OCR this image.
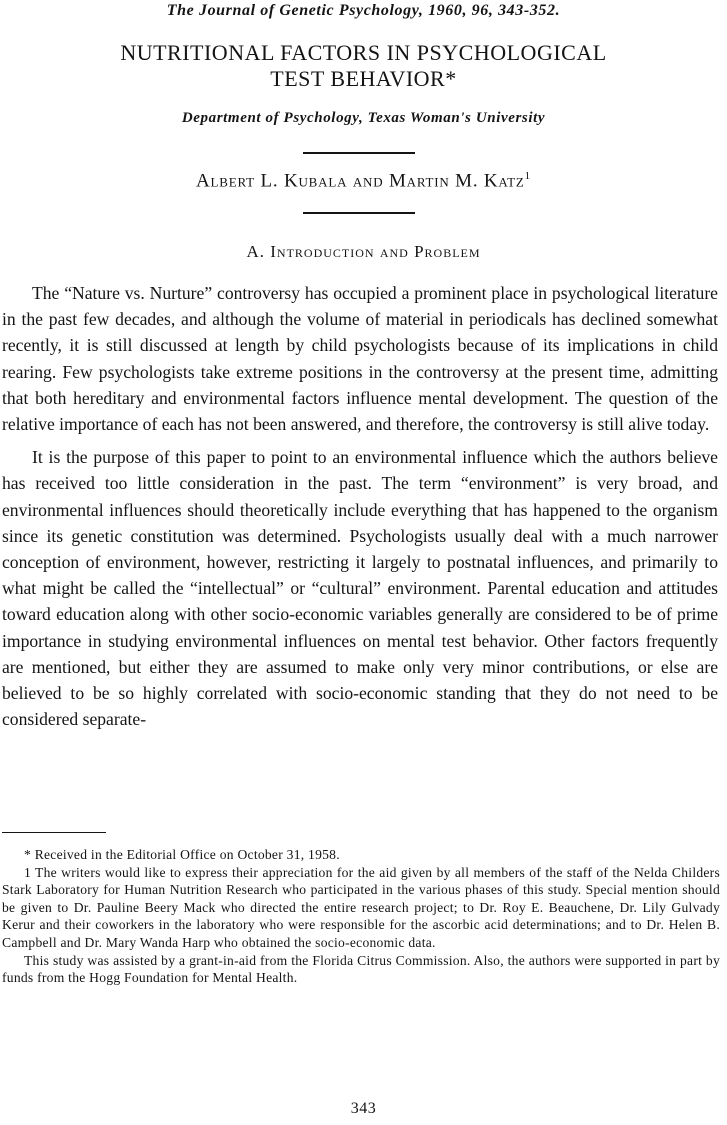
The Journal of Genetic Psychology, 1960, 96, 343-352.
NUTRITIONAL FACTORS IN PSYCHOLOGICAL
TEST BEHAVIOR*
Department of Psychology, Texas Woman's University
Albert L. Kubala and Martin M. Katz$^1$
A. Introduction and Problem

The “Nature vs. Nurture” controversy has occupied a prominent place in psychological literature in the past few decades, and although the volume of material in periodicals has declined somewhat recently, it is still discussed at length by child psychologists because of its implications in child rearing. Few psychologists take extreme positions in the controversy at the present time, admitting that both hereditary and environmental factors influence mental development. The question of the relative importance of each has not been answered, and therefore, the controversy is still alive today.

It is the purpose of this paper to point to an environmental influence which the authors believe has received too little consideration in the past. The term “environment” is very broad, and environmental influences should theoretically include everything that has happened to the organism since its genetic constitution was determined. Psychologists usually deal with a much narrower conception of environment, however, restricting it largely to postnatal influences, and primarily to what might be called the “intellectual” or “cultural” environment. Parental education and attitudes toward education along with other socio-economic variables generally are considered to be of prime importance in studying environmental influences on mental test behavior. Other factors frequently are mentioned, but either they are assumed to make only very minor contributions, or else are believed to be so highly correlated with socio-economic standing that they do not need to be considered separate-

* Received in the Editorial Office on October 31, 1958.

1 The writers would like to express their appreciation for the aid given by all members of the staff of the Nelda Childers Stark Laboratory for Human Nutrition Research who participated in the various phases of this study. Special mention should be given to Dr. Pauline Beery Mack who directed the entire research project; to Dr. Roy E. Beauchene, Dr. Lily Gulvady Kerur and their coworkers in the laboratory who were responsible for the ascorbic acid determinations; and to Dr. Helen B. Campbell and Dr. Mary Wanda Harp who obtained the socio-economic data.

This study was assisted by a grant-in-aid from the Florida Citrus Commission. Also, the authors were supported in part by funds from the Hogg Foundation for Mental Health.

343
